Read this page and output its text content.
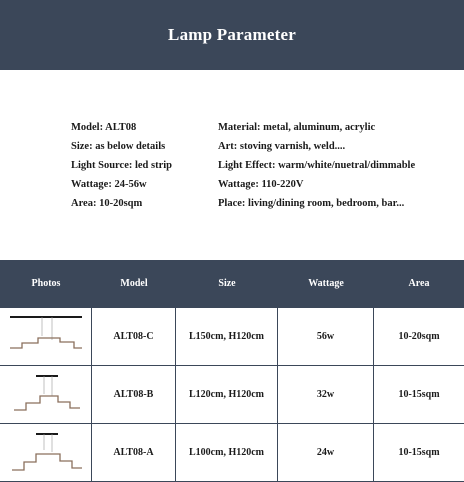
Lamp Parameter
Model: ALT08
Size: as below details
Light Source: led strip
Wattage: 24-56w
Area: 10-20sqm
Material: metal, aluminum, acrylic
Art: stoving varnish, weld....
Light Effect: warm/white/nuetral/dimmable
Wattage: 110-220V
Place: living/dining room, bedroom, bar...
Photos	Model	Size	Wattage	Area
ALT08-C	L150cm, H120cm	56w	10-20sqm
ALT08-B	L120cm, H120cm	32w	10-15sqm
ALT08-A	L100cm, H120cm	24w	10-15sqm
